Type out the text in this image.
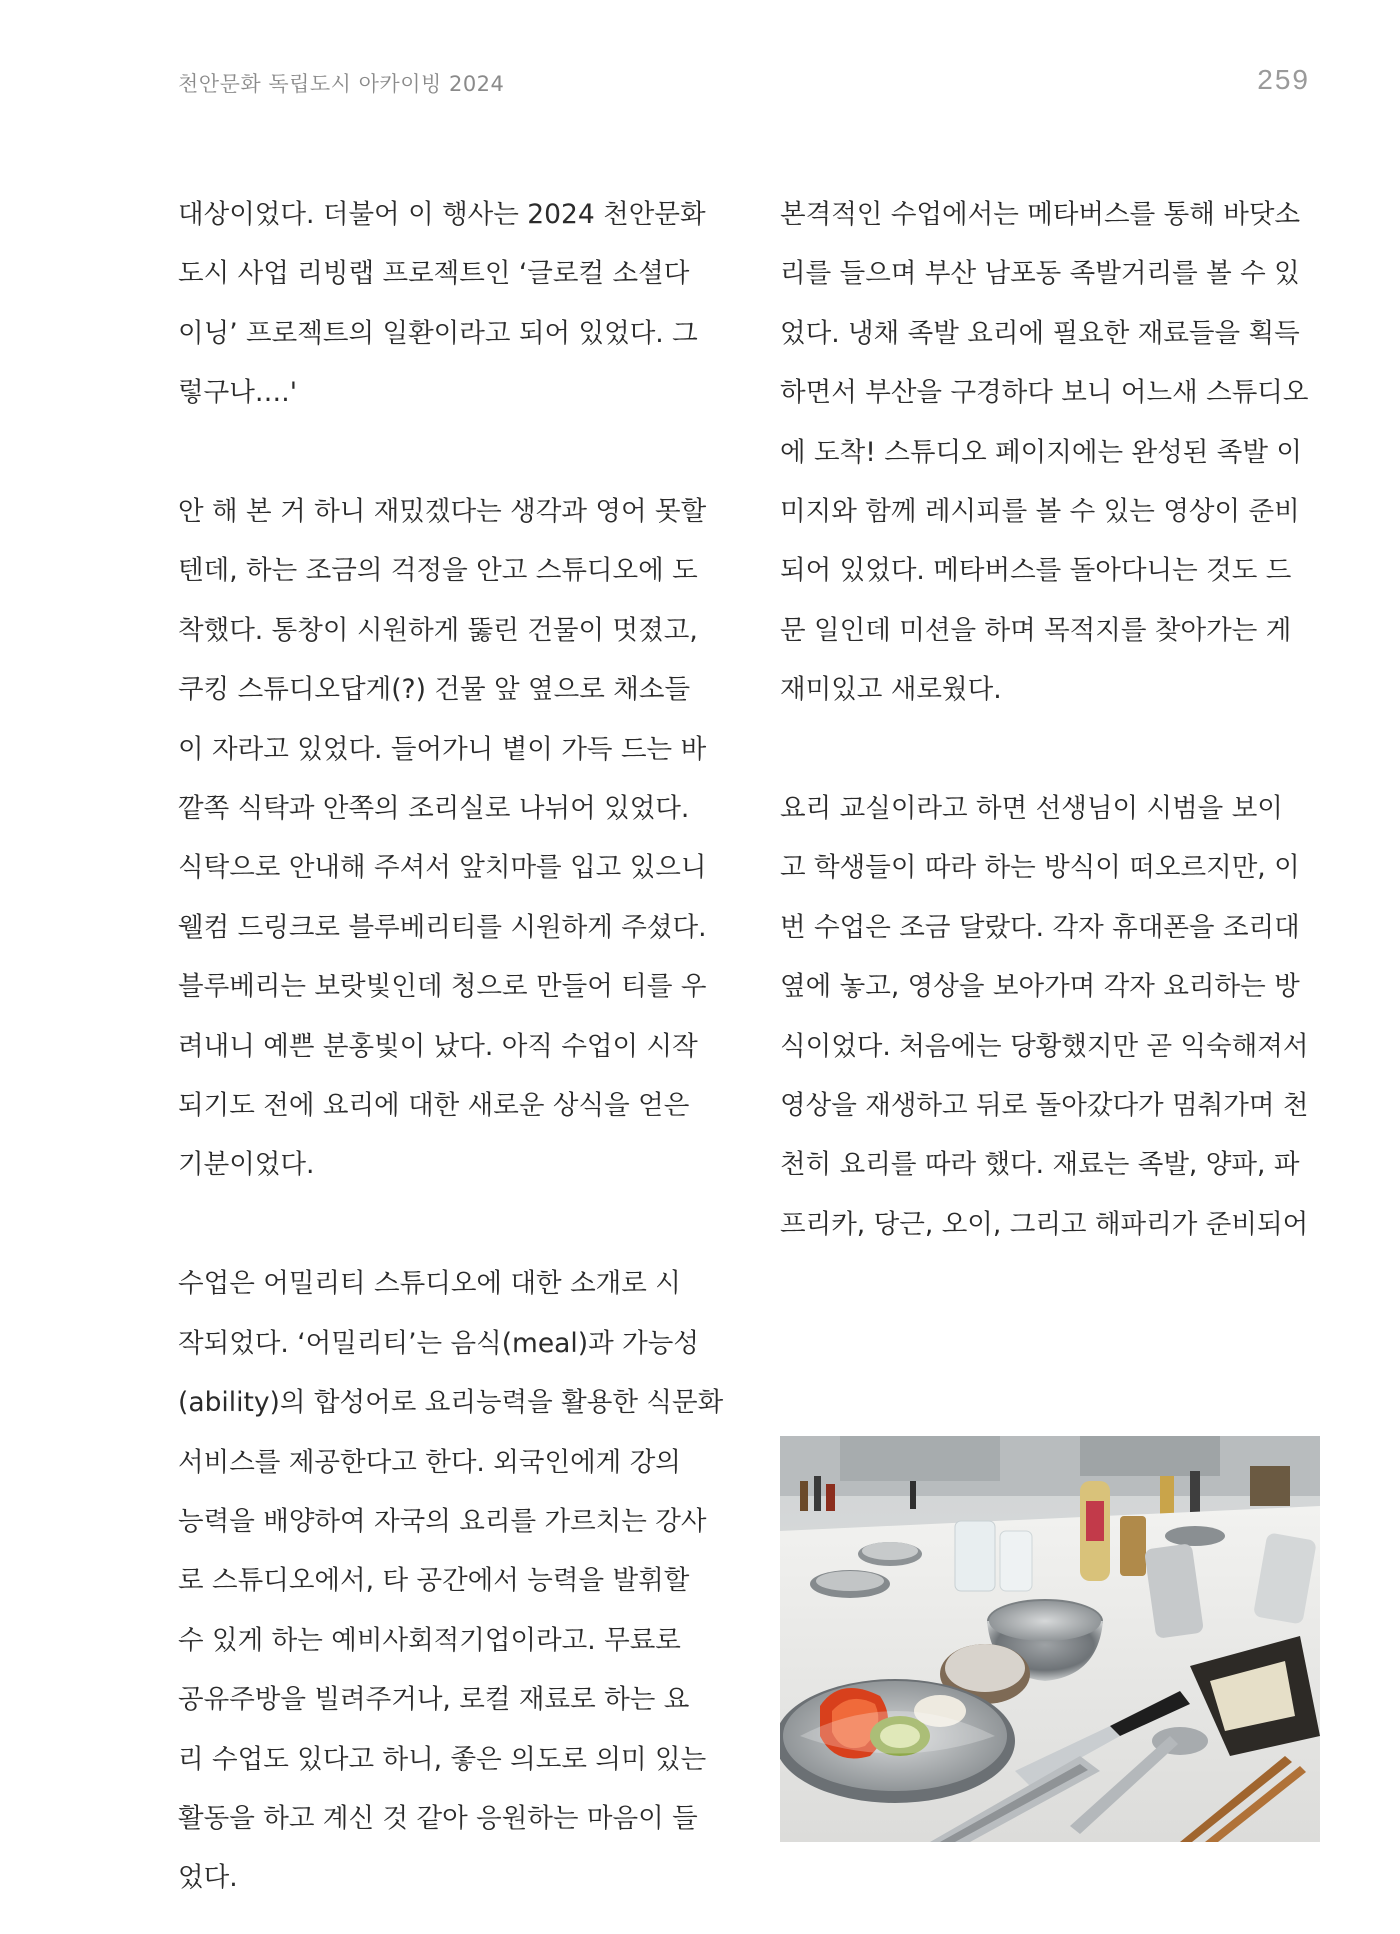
천안문화 독립도시 아카이빙 2024	259

대상이었다. 더불어 이 행사는 2024 천안문화

도시 사업 리빙랩 프로젝트인 ‘글로컬 소셜다

이닝’ 프로젝트의 일환이라고 되어 있었다. 그

렇구나….'

안 해 본 거 하니 재밌겠다는 생각과 영어 못할

텐데, 하는 조금의 걱정을 안고 스튜디오에 도

착했다. 통창이 시원하게 뚫린 건물이 멋졌고,

쿠킹 스튜디오답게(?) 건물 앞 옆으로 채소들

이 자라고 있었다. 들어가니 볕이 가득 드는 바

깥쪽 식탁과 안쪽의 조리실로 나뉘어 있었다.

식탁으로 안내해 주셔서 앞치마를 입고 있으니

웰컴 드링크로 블루베리티를 시원하게 주셨다.

블루베리는 보랏빛인데 청으로 만들어 티를 우

려내니 예쁜 분홍빛이 났다. 아직 수업이 시작

되기도 전에 요리에 대한 새로운 상식을 얻은

기분이었다.

수업은 어밀리티 스튜디오에 대한 소개로 시

작되었다. ‘어밀리티’는 음식(meal)과 가능성

(ability)의 합성어로 요리능력을 활용한 식문화

서비스를 제공한다고 한다. 외국인에게 강의

능력을 배양하여 자국의 요리를 가르치는 강사

로 스튜디오에서, 타 공간에서 능력을 발휘할

수 있게 하는 예비사회적기업이라고. 무료로

공유주방을 빌려주거나, 로컬 재료로 하는 요

리 수업도 있다고 하니, 좋은 의도로 의미 있는

활동을 하고 계신 것 같아 응원하는 마음이 들

었다.

본격적인 수업에서는 메타버스를 통해 바닷소

리를 들으며 부산 남포동 족발거리를 볼 수 있

었다. 냉채 족발 요리에 필요한 재료들을 획득

하면서 부산을 구경하다 보니 어느새 스튜디오

에 도착! 스튜디오 페이지에는 완성된 족발 이

미지와 함께 레시피를 볼 수 있는 영상이 준비

되어 있었다. 메타버스를 돌아다니는 것도 드

문 일인데 미션을 하며 목적지를 찾아가는 게

재미있고 새로웠다.

요리 교실이라고 하면 선생님이 시범을 보이

고 학생들이 따라 하는 방식이 떠오르지만, 이

번 수업은 조금 달랐다. 각자 휴대폰을 조리대

옆에 놓고, 영상을 보아가며 각자 요리하는 방

식이었다. 처음에는 당황했지만 곧 익숙해져서

영상을 재생하고 뒤로 돌아갔다가 멈춰가며 천

천히 요리를 따라 했다. 재료는 족발, 양파, 파

프리카, 당근, 오이, 그리고 해파리가 준비되어
